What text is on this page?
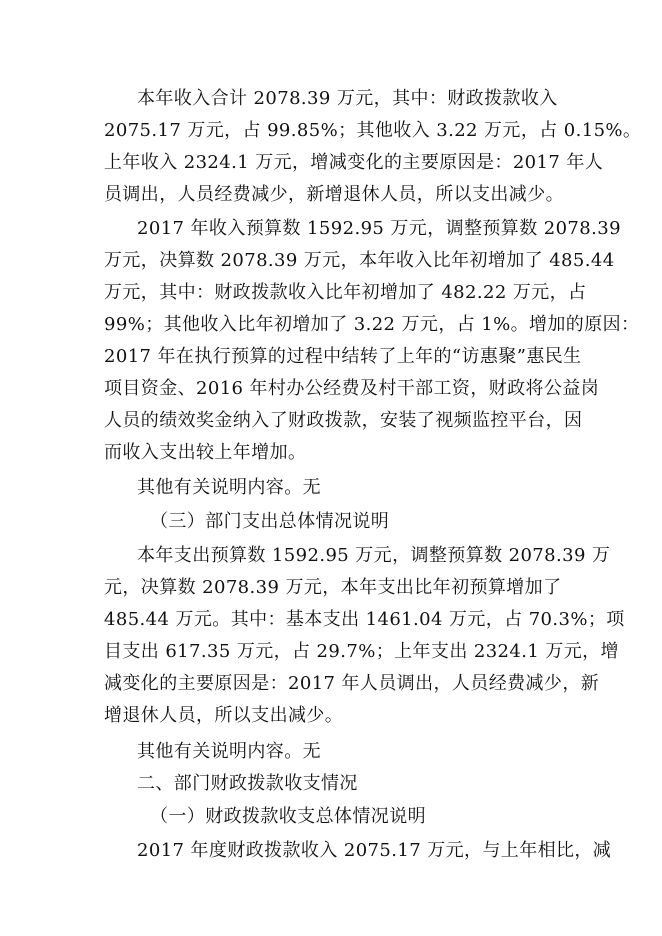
本年收入合计 2078.39 万元，其中：财政拨款收入
2075.17 万元，占 99.85%；其他收入 3.22 万元，占 0.15%。
上年收入 2324.1 万元，增减变化的主要原因是：2017 年人
员调出，人员经费减少，新增退休人员，所以支出减少。
2017 年收入预算数 1592.95 万元，调整预算数 2078.39
万元，决算数 2078.39 万元，本年收入比年初增加了 485.44
万元，其中：财政拨款收入比年初增加了 482.22 万元，占
99%；其他收入比年初增加了 3.22 万元，占 1%。增加的原因：
2017 年在执行预算的过程中结转了上年的“访惠聚”惠民生
项目资金、2016 年村办公经费及村干部工资，财政将公益岗
人员的绩效奖金纳入了财政拨款，安装了视频监控平台，因
而收入支出较上年增加。
其他有关说明内容。无
（三）部门支出总体情况说明
本年支出预算数 1592.95 万元，调整预算数 2078.39 万
元，决算数 2078.39 万元，本年支出比年初预算增加了
485.44 万元。其中：基本支出 1461.04 万元，占 70.3%；项
目支出 617.35 万元，占 29.7%；上年支出 2324.1 万元，增
减变化的主要原因是：2017 年人员调出，人员经费减少，新
增退休人员，所以支出减少。
其他有关说明内容。无
二、部门财政拨款收支情况
（一）财政拨款收支总体情况说明
2017 年度财政拨款收入 2075.17 万元，与上年相比，减
